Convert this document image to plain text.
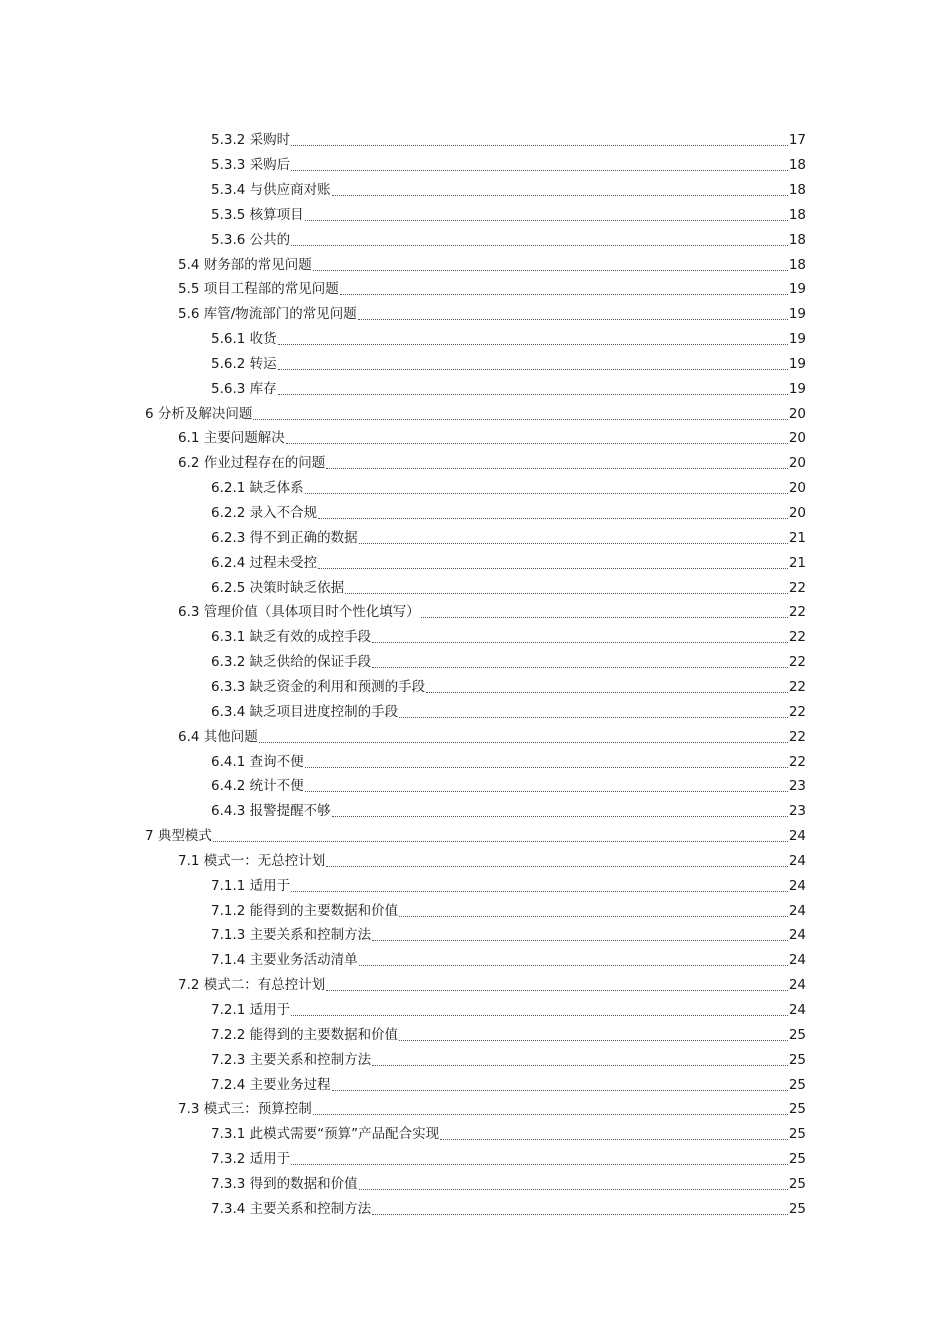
5.3.2 采购时	17
5.3.3 采购后	18
5.3.4 与供应商对账	18
5.3.5 核算项目	18
5.3.6 公共的	18
5.4 财务部的常见问题	18
5.5 项目工程部的常见问题	19
5.6 库管/物流部门的常见问题	19
5.6.1 收货	19
5.6.2 转运	19
5.6.3 库存	19
6 分析及解决问题	20
6.1 主要问题解决	20
6.2 作业过程存在的问题	20
6.2.1 缺乏体系	20
6.2.2 录入不合规	20
6.2.3 得不到正确的数据	21
6.2.4 过程未受控	21
6.2.5 决策时缺乏依据	22
6.3 管理价值（具体项目时个性化填写）	22
6.3.1 缺乏有效的成控手段	22
6.3.2 缺乏供给的保证手段	22
6.3.3 缺乏资金的利用和预测的手段	22
6.3.4 缺乏项目进度控制的手段	22
6.4 其他问题	22
6.4.1 查询不便	22
6.4.2 统计不便	23
6.4.3 报警提醒不够	23
7 典型模式	24
7.1 模式一：无总控计划	24
7.1.1 适用于	24
7.1.2 能得到的主要数据和价值	24
7.1.3 主要关系和控制方法	24
7.1.4 主要业务活动清单	24
7.2 模式二：有总控计划	24
7.2.1 适用于	24
7.2.2 能得到的主要数据和价值	25
7.2.3 主要关系和控制方法	25
7.2.4 主要业务过程	25
7.3 模式三：预算控制	25
7.3.1 此模式需要“预算”产品配合实现	25
7.3.2 适用于	25
7.3.3 得到的数据和价值	25
7.3.4 主要关系和控制方法	25
